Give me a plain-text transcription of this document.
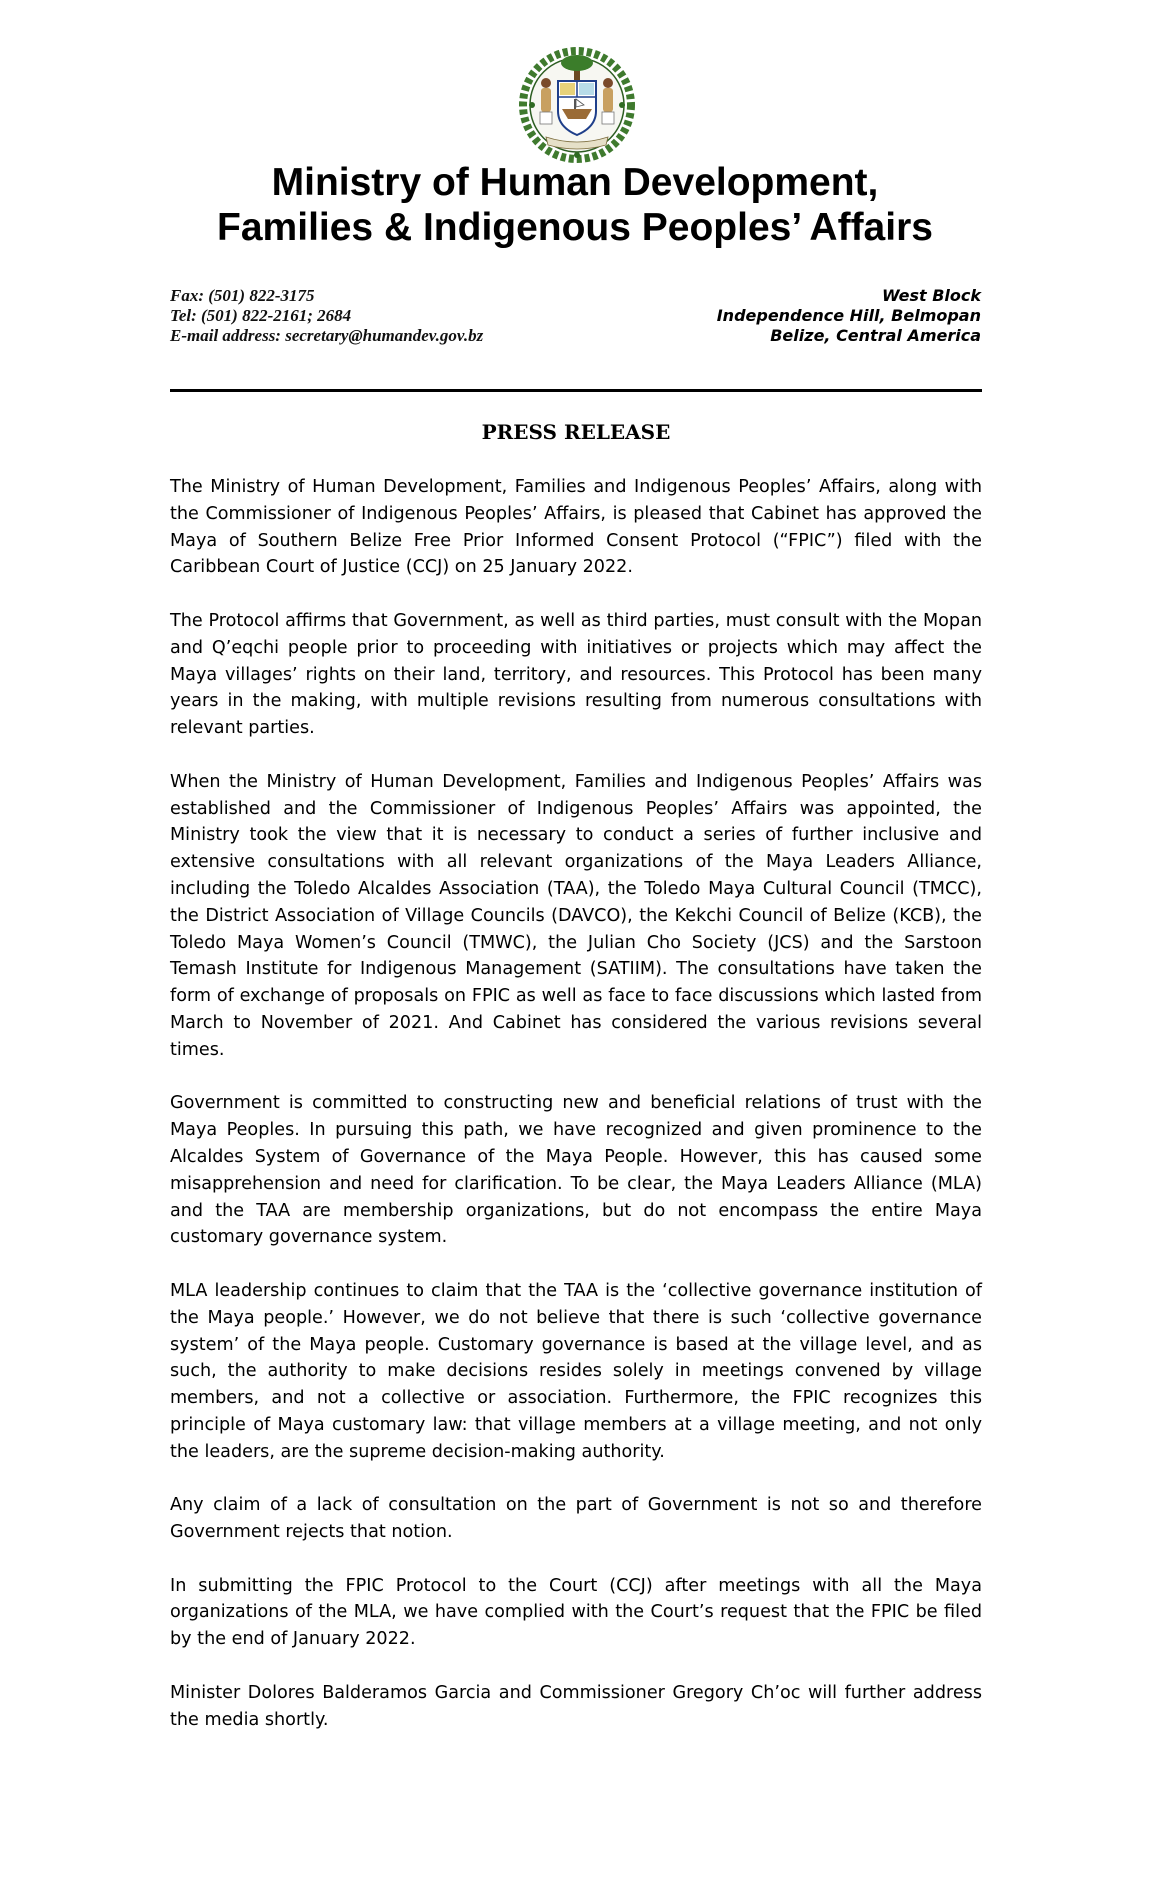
Ministry of Human Development,
Families & Indigenous Peoples’ Affairs
Fax: (501) 822-3175
Tel: (501) 822-2161; 2684
E-mail address: secretary@humandev.gov.bz
West Block
Independence Hill, Belmopan
Belize, Central America
PRESS RELEASE

The Ministry of Human Development, Families and Indigenous Peoples’ Affairs, along with the Commissioner of Indigenous Peoples’ Affairs, is pleased that Cabinet has approved the Maya of Southern Belize Free Prior Informed Consent Protocol (“FPIC”) filed with the Caribbean Court of Justice (CCJ) on 25 January 2022.

The Protocol affirms that Government, as well as third parties, must consult with the Mopan and Q’eqchi people prior to proceeding with initiatives or projects which may affect the Maya villages’ rights on their land, territory, and resources. This Protocol has been many years in the making, with multiple revisions resulting from numerous consultations with relevant parties.

When the Ministry of Human Development, Families and Indigenous Peoples’ Affairs was established and the Commissioner of Indigenous Peoples’ Affairs was appointed, the Ministry took the view that it is necessary to conduct a series of further inclusive and extensive consultations with all relevant organizations of the Maya Leaders Alliance, including the Toledo Alcaldes Association (TAA), the Toledo Maya Cultural Council (TMCC), the District Association of Village Councils (DAVCO), the Kekchi Council of Belize (KCB), the Toledo Maya Women’s Council (TMWC), the Julian Cho Society (JCS) and the Sarstoon Temash Institute for Indigenous Management (SATIIM). The consultations have taken the form of exchange of proposals on FPIC as well as face to face discussions which lasted from March to November of 2021. And Cabinet has considered the various revisions several times.

Government is committed to constructing new and beneficial relations of trust with the Maya Peoples. In pursuing this path, we have recognized and given prominence to the Alcaldes System of Governance of the Maya People. However, this has caused some misapprehension and need for clarification. To be clear, the Maya Leaders Alliance (MLA) and the TAA are membership organizations, but do not encompass the entire Maya customary governance system.

MLA leadership continues to claim that the TAA is the ‘collective governance institution of the Maya people.’ However, we do not believe that there is such ‘collective governance system’ of the Maya people. Customary governance is based at the village level, and as such, the authority to make decisions resides solely in meetings convened by village members, and not a collective or association. Furthermore, the FPIC recognizes this principle of Maya customary law: that village members at a village meeting, and not only the leaders, are the supreme decision-making authority.

Any claim of a lack of consultation on the part of Government is not so and therefore Government rejects that notion.

In submitting the FPIC Protocol to the Court (CCJ) after meetings with all the Maya organizations of the MLA, we have complied with the Court’s request that the FPIC be filed by the end of January 2022.

Minister Dolores Balderamos Garcia and Commissioner Gregory Ch’oc will further address the media shortly.
